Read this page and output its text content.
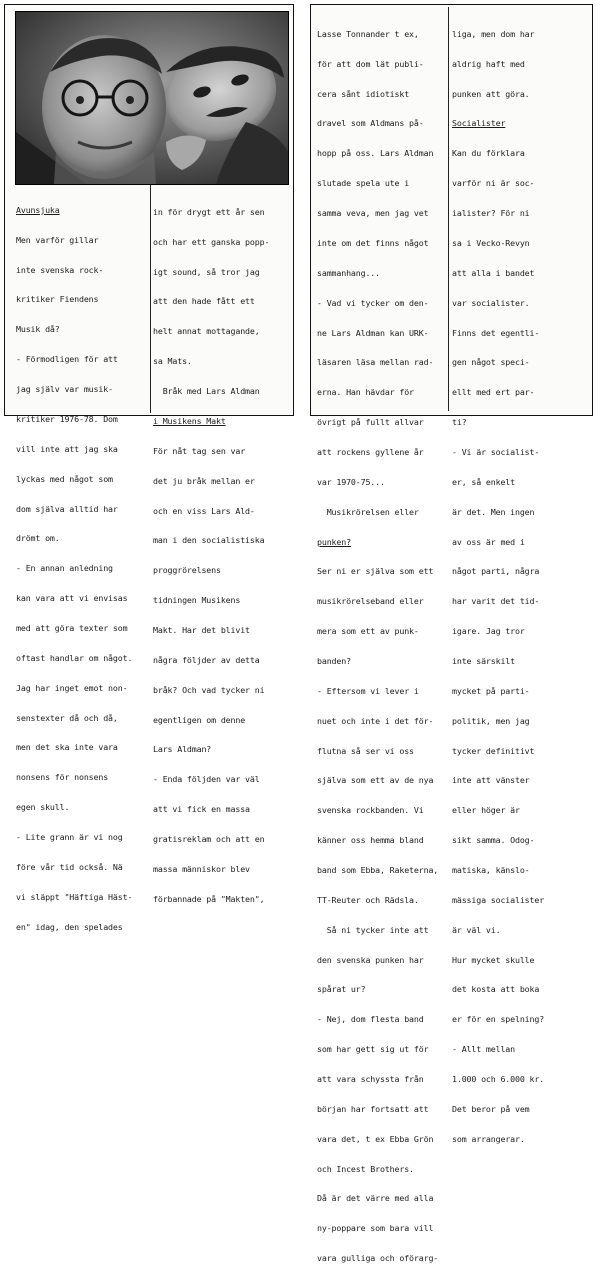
Avunsjuka

Men varför gillar

inte svenska rock-

kritiker Fiendens

Musik då?

- Förmodligen för att

jag själv var musik-

kritiker 1976-78. Dom

vill inte att jag ska

lyckas med något som

dom själva alltid har

drömt om.

- En annan anledning

kan vara att vi envisas

med att göra texter som

oftast handlar om något.

Jag har inget emot non-

senstexter då och då,

men det ska inte vara

nonsens för nonsens

egen skull.

- Lite grann är vi nog

före vår tid också. Nä

vi släppt "Häftiga Häst-

en" idag, den spelades

in för drygt ett år sen

och har ett ganska popp-

igt sound, så tror jag

att den hade fått ett

helt annat mottagande,

sa Mats.

Bråk med Lars Aldman

i Musikens Makt

För nåt tag sen var

det ju bråk mellan er

och en viss Lars Ald-

man i den socialistiska

proggrörelsens

tidningen Musikens

Makt. Har det blivit

några följder av detta

bråk? Och vad tycker ni

egentligen om denne

Lars Aldman?

- Enda följden var väl

att vi fick en massa

gratisreklam och att en

massa människor blev

förbannade på "Makten",

Lasse Tonnander t ex,

för att dom lät publi-

cera sånt idiotiskt

dravel som Aldmans på-

hopp på oss. Lars Aldman

slutade spela ute i

samma veva, men jag vet

inte om det finns något

sammanhang...

- Vad vi tycker om den-

ne Lars Aldman kan URK-

läsaren läsa mellan rad-

erna. Han hävdar för

övrigt på fullt allvar

att rockens gyllene år

var 1970-75...

Musikrörelsen eller

punken?

Ser ni er själva som ett

musikrörelseband eller

mera som ett av punk-

banden?

- Eftersom vi lever i

nuet och inte i det för-

flutna så ser vi oss

själva som ett av de nya

svenska rockbanden. Vi

känner oss hemma bland

band som Ebba, Raketerna,

TT-Reuter och Rädsla.

Så ni tycker inte att

den svenska punken har

spårat ur?

- Nej, dom flesta band

som har gett sig ut för

att vara schyssta från

början har fortsatt att

vara det, t ex Ebba Grön

och Incest Brothers.

Då är det värre med alla

ny-poppare som bara vill

vara gulliga och oförarg-

liga, men dom har

aldrig haft med

punken att göra.

Socialister

Kan du förklara

varför ni är soc-

ialister? För ni

sa i Vecko-Revyn

att alla i bandet

var socialister.

Finns det egentli-

gen något speci-

ellt med ert par-

ti?

- Vi är socialist-

er, så enkelt

är det. Men ingen

av oss är med i

något parti, några

har varit det tid-

igare. Jag tror

inte särskilt

mycket på parti-

politik, men jag

tycker definitivt

inte att vänster

eller höger är

sikt samma. Odog-

matiska, känslo-

mässiga socialister

är väl vi.

Hur mycket skulle

det kosta att boka

er för en spelning?

- Allt mellan

1.000 och 6.000 kr.

Det beror på vem

som arrangerar.
